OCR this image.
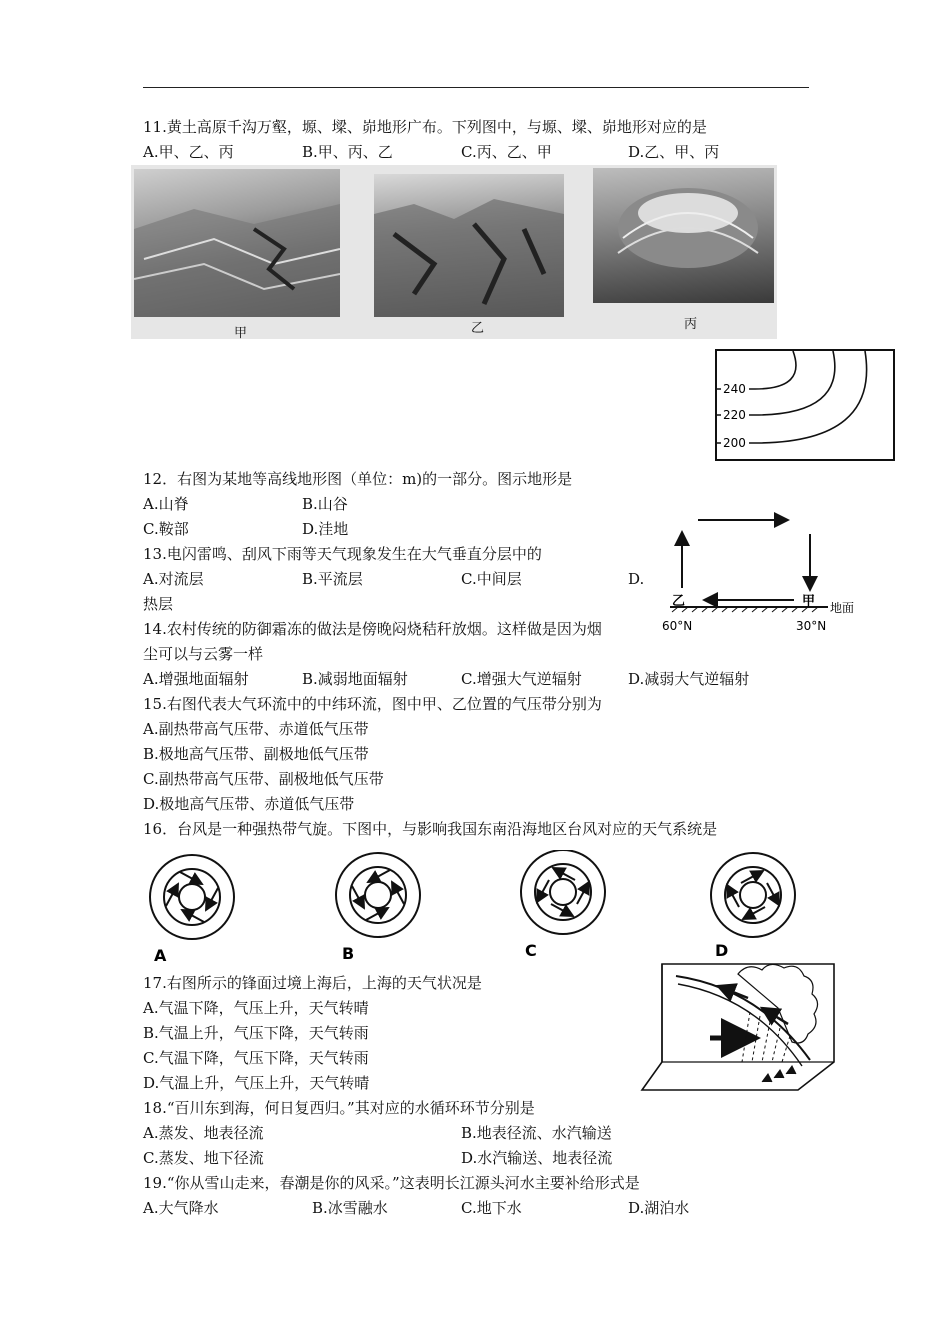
11.黄土高原千沟万壑，塬、墚、峁地形广布。下列图中，与塬、墚、峁地形对应的是
A.甲、乙、丙	B.甲、丙、乙	C.丙、乙、甲	D.乙、甲、丙
甲	乙	丙
240
220
200
12．右图为某地等高线地形图（单位：m)的一部分。图示地形是
A.山脊	B.山谷
C.鞍部	D.洼地
乙	甲 地面
60°N	30°N
13.电闪雷鸣、刮风下雨等天气现象发生在大气垂直分层中的
A.对流层	B.平流层	C.中间层	D.
热层
14.农村传统的防御霜冻的做法是傍晚闷烧秸秆放烟。这样做是因为烟
尘可以与云雾一样
A.增强地面辐射	B.减弱地面辐射	C.增强大气逆辐射	D.减弱大气逆辐射
15.右图代表大气环流中的中纬环流，图中甲、乙位置的气压带分别为
A.副热带高气压带、赤道低气压带
B.极地高气压带、副极地低气压带
C.副热带高气压带、副极地低气压带
D.极地高气压带、赤道低气压带
16．台风是一种强热带气旋。下图中，与影响我国东南沿海地区台风对应的天气系统是
A	B	C	D
17.右图所示的锋面过境上海后，上海的天气状况是
A.气温下降，气压上升，天气转晴
B.气温上升，气压下降，天气转雨
C.气温下降，气压下降，天气转雨
D.气温上升，气压上升，天气转晴
18.“百川东到海，何日复西归。”其对应的水循环环节分别是
A.蒸发、地表径流	B.地表径流、水汽输送
C.蒸发、地下径流	D.水汽输送、地表径流
19.“你从雪山走来，春潮是你的风采。”这表明长江源头河水主要补给形式是
A.大气降水	B.冰雪融水	C.地下水	D.湖泊水
